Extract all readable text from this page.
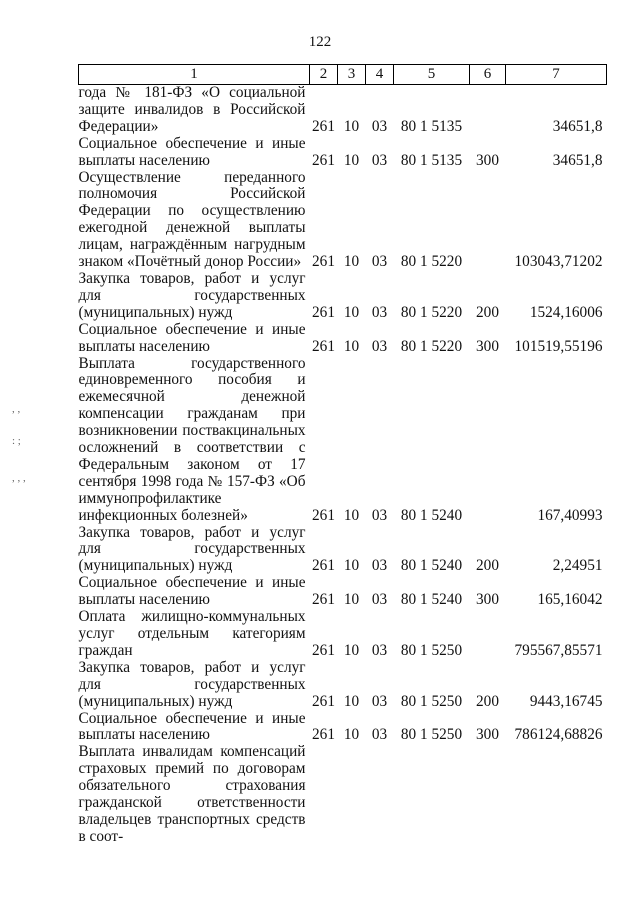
122
1	2	3	4	5	6	7
года № 181-ФЗ «О социальной защите инвалидов в Российской Федерации»	261	10	03	80 1 5135		34651,8
Социальное обеспечение и иные выплаты населению	261	10	03	80 1 5135	300	34651,8
Осуществление переданного полномочия Российской Федерации по осуществлению ежегодной денежной выплаты лицам, награждённым нагрудным знаком «Почётный донор России»	261	10	03	80 1 5220		103043,71202
Закупка товаров, работ и услуг для государственных (муниципальных) нужд	261	10	03	80 1 5220	200	1524,16006
Социальное обеспечение и иные выплаты населению	261	10	03	80 1 5220	300	101519,55196
Выплата государственного единовременного пособия и ежемесячной денежной компенсации гражданам при возникновении поствакцинальных осложнений в соответствии с Федеральным законом от 17 сентября 1998 года № 157-ФЗ «Об иммунопрофилактике инфекционных болезней»	261	10	03	80 1 5240		167,40993
Закупка товаров, работ и услуг для государственных (муниципальных) нужд	261	10	03	80 1 5240	200	2,24951
Социальное обеспечение и иные выплаты населению	261	10	03	80 1 5240	300	165,16042
Оплата жилищно-коммунальных услуг отдельным категориям граждан	261	10	03	80 1 5250		795567,85571
Закупка товаров, работ и услуг для государственных (муниципальных) нужд	261	10	03	80 1 5250	200	9443,16745
Социальное обеспечение и иные выплаты населению	261	10	03	80 1 5250	300	786124,68826
Выплата инвалидам компенсаций страховых премий по договорам обязательного страхования гражданской ответственности владельцев транспортных средств в соот-						
, ,
: ;
, , ,
